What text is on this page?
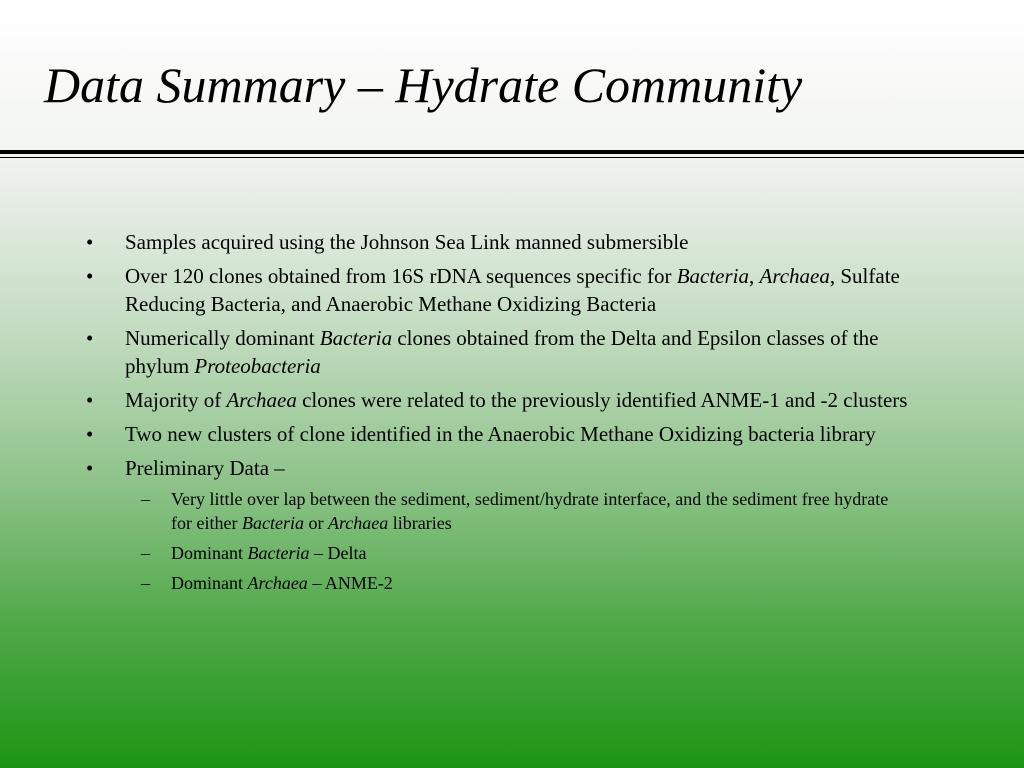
Data Summary – Hydrate Community
• Samples acquired using the Johnson Sea Link manned submersible
• Over 120 clones obtained from 16S rDNA sequences specific for Bacteria, Archaea, Sulfate Reducing Bacteria, and Anaerobic Methane Oxidizing Bacteria
• Numerically dominant Bacteria clones obtained from the Delta and Epsilon classes of the phylum Proteobacteria
• Majority of Archaea clones were related to the previously identified ANME-1 and -2 clusters
• Two new clusters of clone identified in the Anaerobic Methane Oxidizing bacteria library
• Preliminary Data –
– Very little over lap between the sediment, sediment/hydrate interface, and the sediment free hydrate for either Bacteria or Archaea libraries
– Dominant Bacteria – Delta
– Dominant Archaea – ANME-2
